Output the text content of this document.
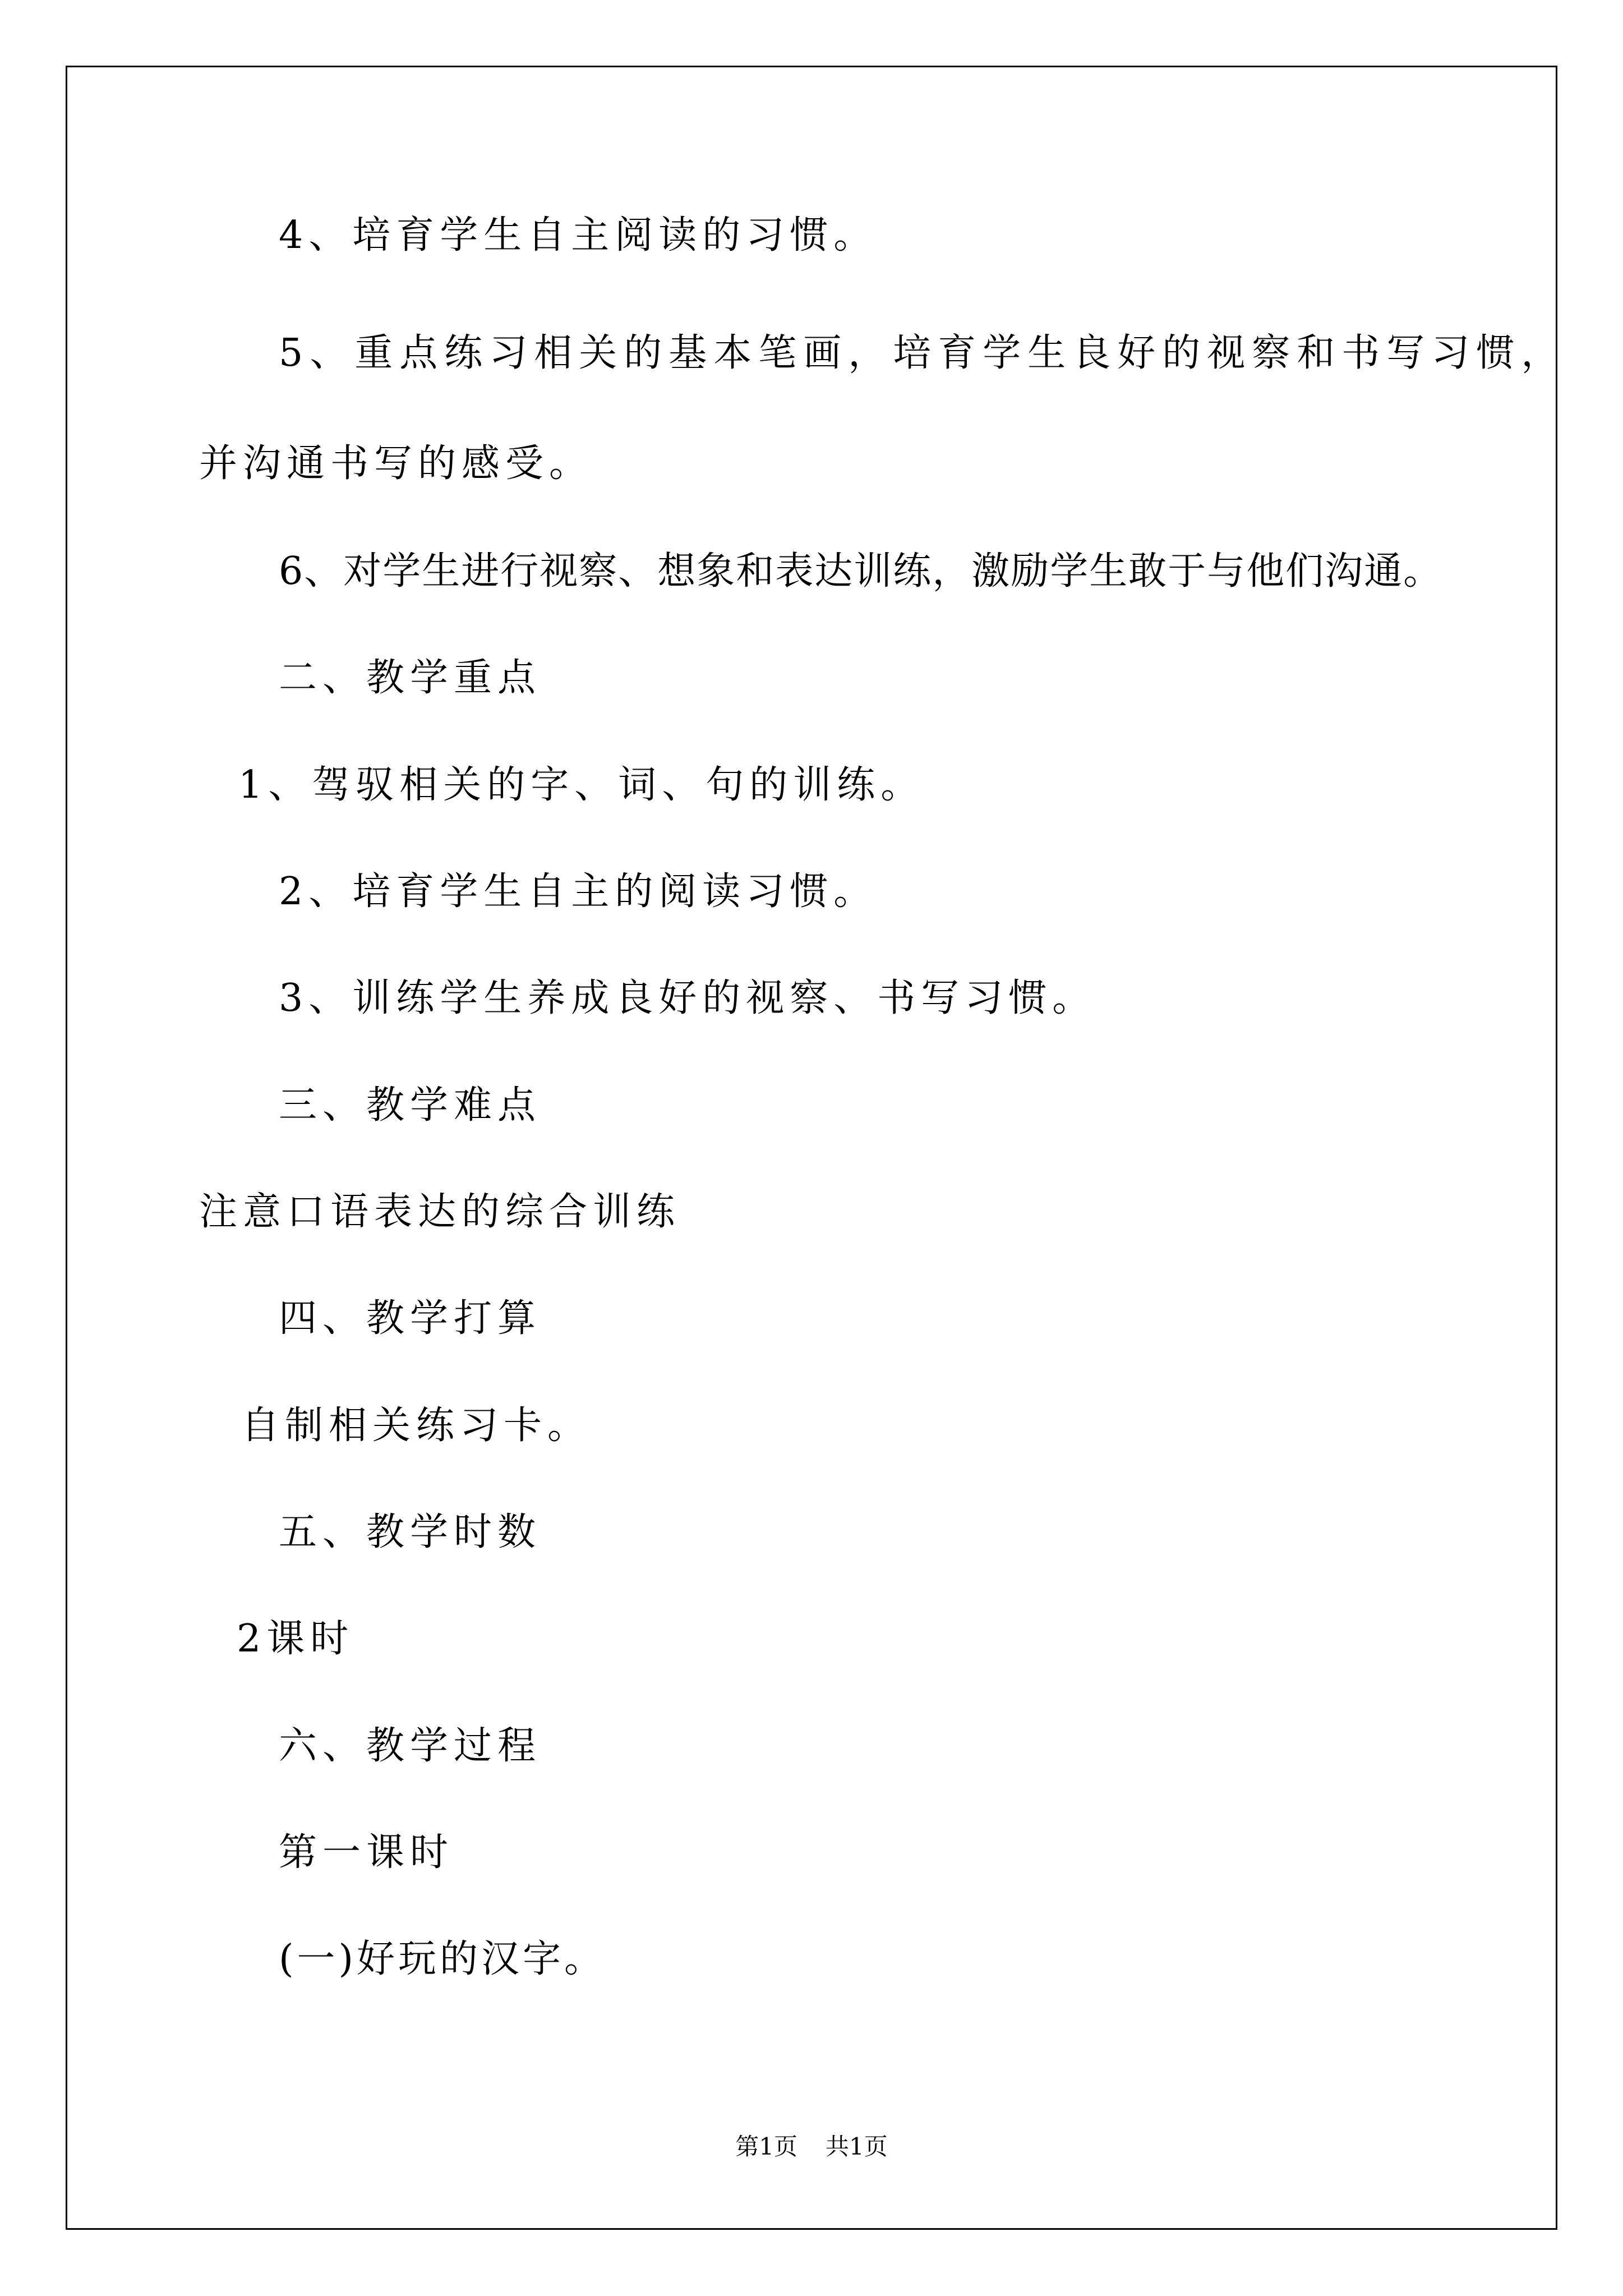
4、培育学生自主阅读的习惯。
5、重点练习相关的基本笔画，培育学生良好的视察和书写习惯，
并沟通书写的感受。
6、对学生进行视察、想象和表达训练，激励学生敢于与他们沟通。
二、教学重点
1、驾驭相关的字、词、句的训练。
2、培育学生自主的阅读习惯。
3、训练学生养成良好的视察、书写习惯。
三、教学难点
注意口语表达的综合训练
四、教学打算
自制相关练习卡。
五、教学时数
2课时
六、教学过程
第一课时
(一)好玩的汉字。
第1页 共1页
